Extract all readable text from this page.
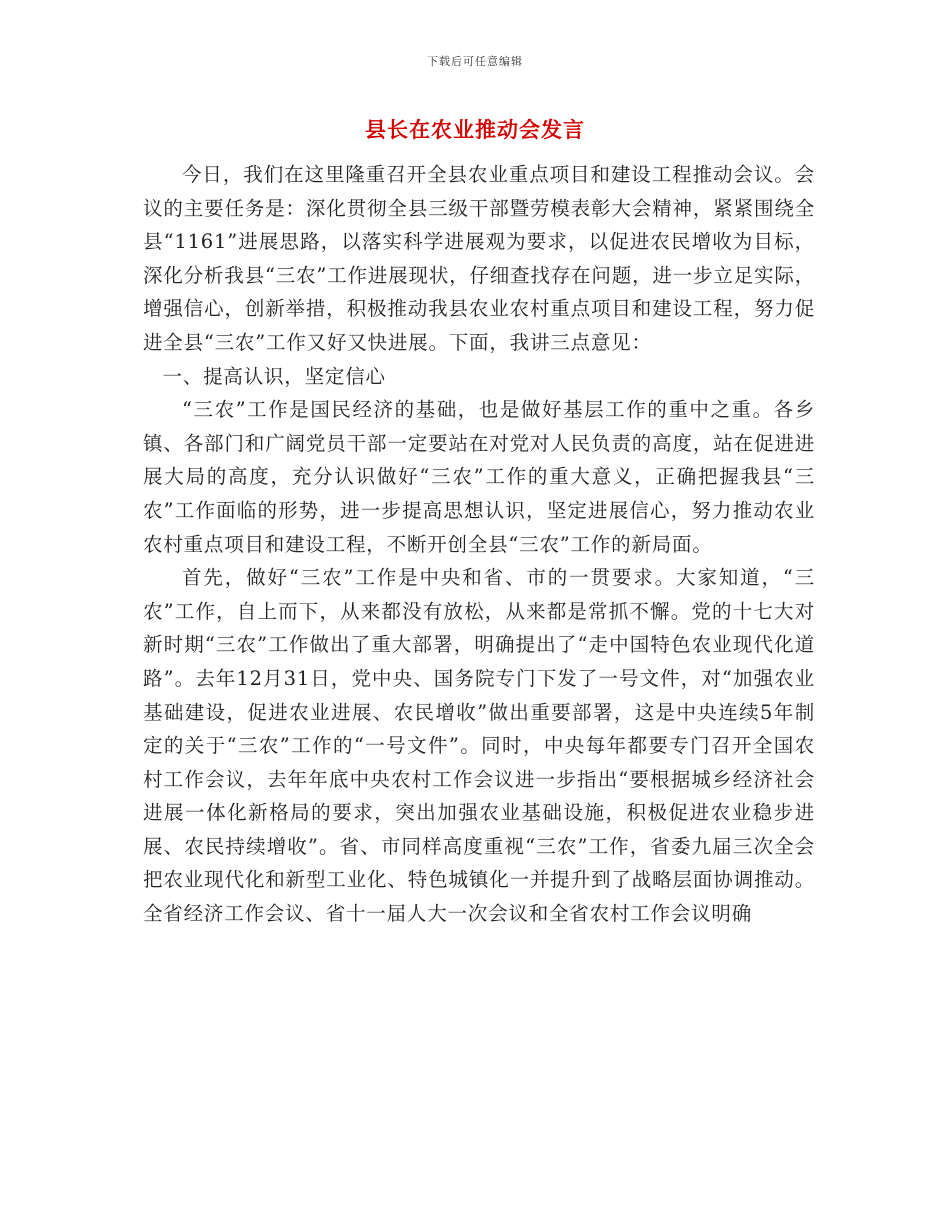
下载后可任意编辑
县长在农业推动会发言

今日，我们在这里隆重召开全县农业重点项目和建设工程推动会议。会议的主要任务是：深化贯彻全县三级干部暨劳模表彰大会精神，紧紧围绕全县“1161”进展思路，以落实科学进展观为要求，以促进农民增收为目标，深化分析我县“三农”工作进展现状，仔细查找存在问题，进一步立足实际，增强信心，创新举措，积极推动我县农业农村重点项目和建设工程，努力促进全县“三农”工作又好又快进展。下面，我讲三点意见：

一、提高认识，坚定信心

“三农”工作是国民经济的基础，也是做好基层工作的重中之重。各乡镇、各部门和广阔党员干部一定要站在对党对人民负责的高度，站在促进进展大局的高度，充分认识做好“三农”工作的重大意义，正确把握我县“三农”工作面临的形势，进一步提高思想认识，坚定进展信心，努力推动农业农村重点项目和建设工程，不断开创全县“三农”工作的新局面。

首先，做好“三农”工作是中央和省、市的一贯要求。大家知道，“三农”工作，自上而下，从来都没有放松，从来都是常抓不懈。党的十七大对新时期“三农”工作做出了重大部署，明确提出了“走中国特色农业现代化道路”。去年12月31日，党中央、国务院专门下发了一号文件，对“加强农业基础建设，促进农业进展、农民增收”做出重要部署，这是中央连续5年制定的关于“三农”工作的“一号文件”。同时，中央每年都要专门召开全国农村工作会议，去年年底中央农村工作会议进一步指出“要根据城乡经济社会进展一体化新格局的要求，突出加强农业基础设施，积极促进农业稳步进展、农民持续增收”。省、市同样高度重视“三农”工作，省委九届三次全会把农业现代化和新型工业化、特色城镇化一并提升到了战略层面协调推动。全省经济工作会议、省十一届人大一次会议和全省农村工作会议明确
